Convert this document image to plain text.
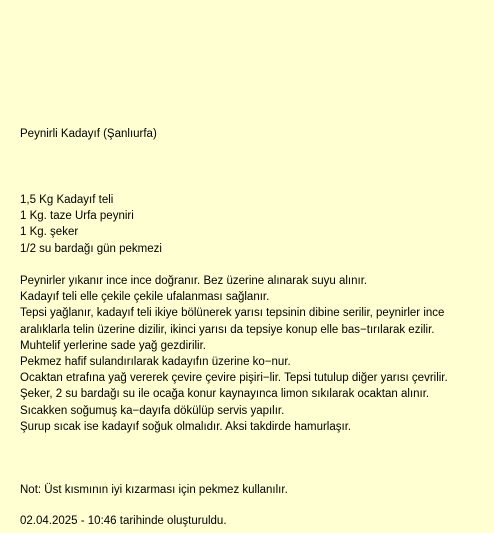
Peynirli Kadayıf (Şanlıurfa)
1,5 Kg Kadayıf teli
1 Kg. taze Urfa peyniri
1 Kg. şeker
1/2 su bardağı gün pekmezi
Peynirler yıkanır ince ince doğranır. Bez üzerine alınarak suyu alınır.
Kadayıf teli elle çekile çekile ufalanması sağlanır.
Tepsi yağlanır, kadayıf teli ikiye bölünerek yarısı tepsinin dibine serilir, peynirler ince aralıklarla telin üzerine dizilir, ikinci yarısı da tepsiye konup elle bas−tırılarak ezilir.
Muhtelif yerlerine sade yağ gezdirilir.
Pekmez hafif sulandırılarak kadayıfın üzerine ko−nur.
Ocaktan etrafına yağ vererek çevire çevire pişiri−lir. Tepsi tutulup diğer yarısı çevrilir.
Şeker, 2 su bardağı su ile ocağa konur kaynayınca limon sıkılarak ocaktan alınır.
Sıcakken soğumuş ka−dayıfa dökülüp servis yapılır.
Şurup sıcak ise kadayıf soğuk olmalıdır. Aksi takdirde hamurlaşır.
Not: Üst kısmının iyi kızarması için pekmez kullanılır.
02.04.2025 - 10:46 tarihinde oluşturuldu.
